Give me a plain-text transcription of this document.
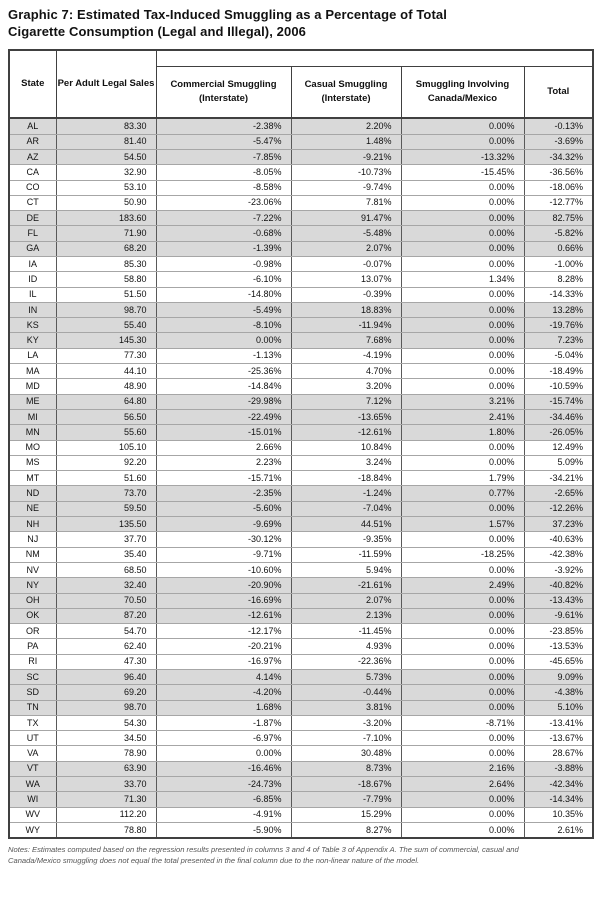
Graphic 7: Estimated Tax-Induced Smuggling as a Percentage of Total Cigarette Consumption (Legal and Illegal), 2006
State	Per Adult Legal Sales				
		Commercial Smuggling (Interstate)	Casual Smuggling (Interstate)	Smuggling Involving Canada/Mexico	Total
AL	83.30	-2.38%	2.20%	0.00%	-0.13%
AR	81.40	-5.47%	1.48%	0.00%	-3.69%
AZ	54.50	-7.85%	-9.21%	-13.32%	-34.32%
CA	32.90	-8.05%	-10.73%	-15.45%	-36.56%
CO	53.10	-8.58%	-9.74%	0.00%	-18.06%
CT	50.90	-23.06%	7.81%	0.00%	-12.77%
DE	183.60	-7.22%	91.47%	0.00%	82.75%
FL	71.90	-0.68%	-5.48%	0.00%	-5.82%
GA	68.20	-1.39%	2.07%	0.00%	0.66%
IA	85.30	-0.98%	-0.07%	0.00%	-1.00%
ID	58.80	-6.10%	13.07%	1.34%	8.28%
IL	51.50	-14.80%	-0.39%	0.00%	-14.33%
IN	98.70	-5.49%	18.83%	0.00%	13.28%
KS	55.40	-8.10%	-11.94%	0.00%	-19.76%
KY	145.30	0.00%	7.68%	0.00%	7.23%
LA	77.30	-1.13%	-4.19%	0.00%	-5.04%
MA	44.10	-25.36%	4.70%	0.00%	-18.49%
MD	48.90	-14.84%	3.20%	0.00%	-10.59%
ME	64.80	-29.98%	7.12%	3.21%	-15.74%
MI	56.50	-22.49%	-13.65%	2.41%	-34.46%
MN	55.60	-15.01%	-12.61%	1.80%	-26.05%
MO	105.10	2.66%	10.84%	0.00%	12.49%
MS	92.20	2.23%	3.24%	0.00%	5.09%
MT	51.60	-15.71%	-18.84%	1.79%	-34.21%
ND	73.70	-2.35%	-1.24%	0.77%	-2.65%
NE	59.50	-5.60%	-7.04%	0.00%	-12.26%
NH	135.50	-9.69%	44.51%	1.57%	37.23%
NJ	37.70	-30.12%	-9.35%	0.00%	-40.63%
NM	35.40	-9.71%	-11.59%	-18.25%	-42.38%
NV	68.50	-10.60%	5.94%	0.00%	-3.92%
NY	32.40	-20.90%	-21.61%	2.49%	-40.82%
OH	70.50	-16.69%	2.07%	0.00%	-13.43%
OK	87.20	-12.61%	2.13%	0.00%	-9.61%
OR	54.70	-12.17%	-11.45%	0.00%	-23.85%
PA	62.40	-20.21%	4.93%	0.00%	-13.53%
RI	47.30	-16.97%	-22.36%	0.00%	-45.65%
SC	96.40	4.14%	5.73%	0.00%	9.09%
SD	69.20	-4.20%	-0.44%	0.00%	-4.38%
TN	98.70	1.68%	3.81%	0.00%	5.10%
TX	54.30	-1.87%	-3.20%	-8.71%	-13.41%
UT	34.50	-6.97%	-7.10%	0.00%	-13.67%
VA	78.90	0.00%	30.48%	0.00%	28.67%
VT	63.90	-16.46%	8.73%	2.16%	-3.88%
WA	33.70	-24.73%	-18.67%	2.64%	-42.34%
WI	71.30	-6.85%	-7.79%	0.00%	-14.34%
WV	112.20	-4.91%	15.29%	0.00%	10.35%
WY	78.80	-5.90%	8.27%	0.00%	2.61%
Notes: Estimates computed based on the regression results presented in columns 3 and 4 of Table 3 of Appendix A. The sum of commercial, casual and Canada/Mexico smuggling does not equal the total presented in the final column due to the non-linear nature of the model.
